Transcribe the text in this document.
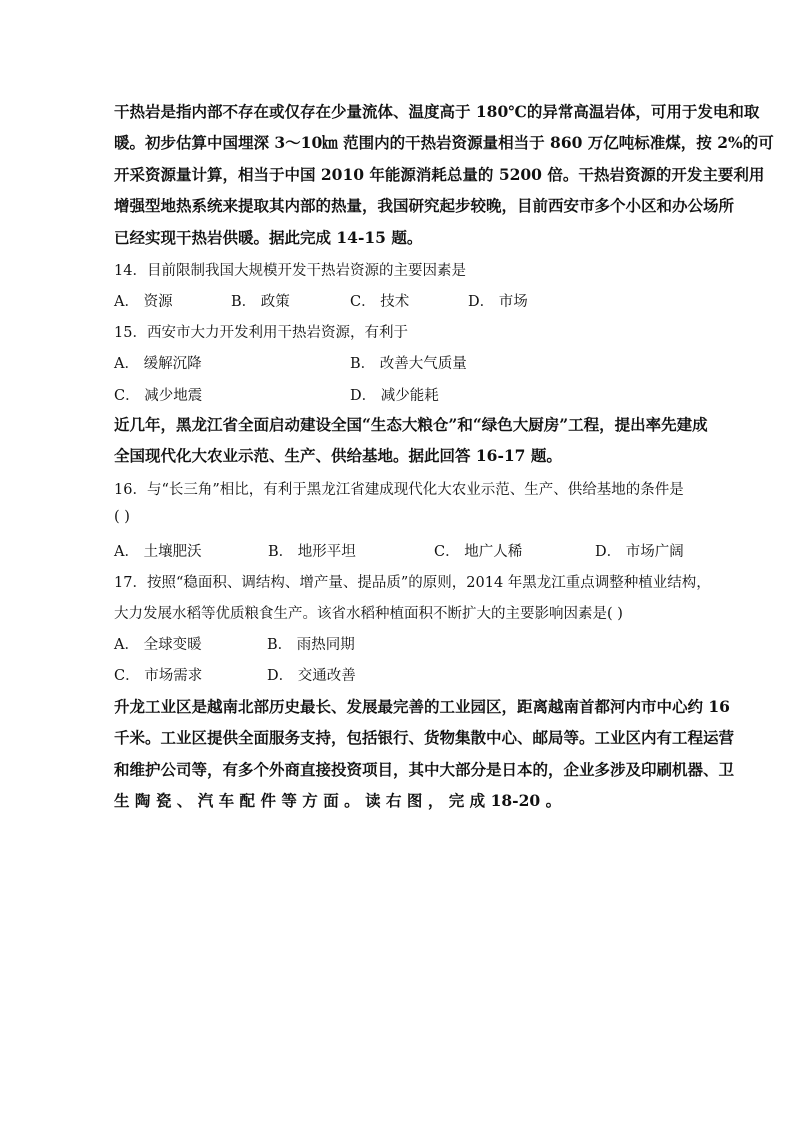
干热岩是指内部不存在或仅存在少量流体、温度高于 180℃的异常高温岩体，可用于发电和取
暖。初步估算中国埋深 3～10㎞ 范围内的干热岩资源量相当于 860 万亿吨标准煤，按 2%的可
开采资源量计算，相当于中国 2010 年能源消耗总量的 5200 倍。干热岩资源的开发主要利用
增强型地热系统来提取其内部的热量，我国研究起步较晚，目前西安市多个小区和办公场所
已经实现干热岩供暖。据此完成 14-15 题。
14．目前限制我国大规模开发干热岩资源的主要因素是
A． 资源	B． 政策	C． 技术	D． 市场
15．西安市大力开发利用干热岩资源，有利于
A． 缓解沉降	B． 改善大气质量
C． 减少地震	D． 减少能耗
近几年，黑龙江省全面启动建设全国“生态大粮仓”和“绿色大厨房”工程，提出率先建成
全国现代化大农业示范、生产、供给基地。据此回答 16-17 题。
16．与“长三角”相比，有利于黑龙江省建成现代化大农业示范、生产、供给基地的条件是
( )
A． 土壤肥沃	B． 地形平坦	C． 地广人稀	D． 市场广阔
17．按照“稳面积、调结构、增产量、提品质”的原则，2014 年黑龙江重点调整种植业结构，
大力发展水稻等优质粮食生产。该省水稻种植面积不断扩大的主要影响因素是( )
A． 全球变暖	B． 雨热同期
C． 市场需求	D． 交通改善
升龙工业区是越南北部历史最长、发展最完善的工业园区，距离越南首都河内市中心约 16
千米。工业区提供全面服务支持，包括银行、货物集散中心、邮局等。工业区内有工程运营
和维护公司等，有多个外商直接投资项目，其中大部分是日本的，企业多涉及印刷机器、卫
生 陶 瓷 、 汽 车 配 件 等 方 面 。 读 右 图 ， 完 成 18-20 。
